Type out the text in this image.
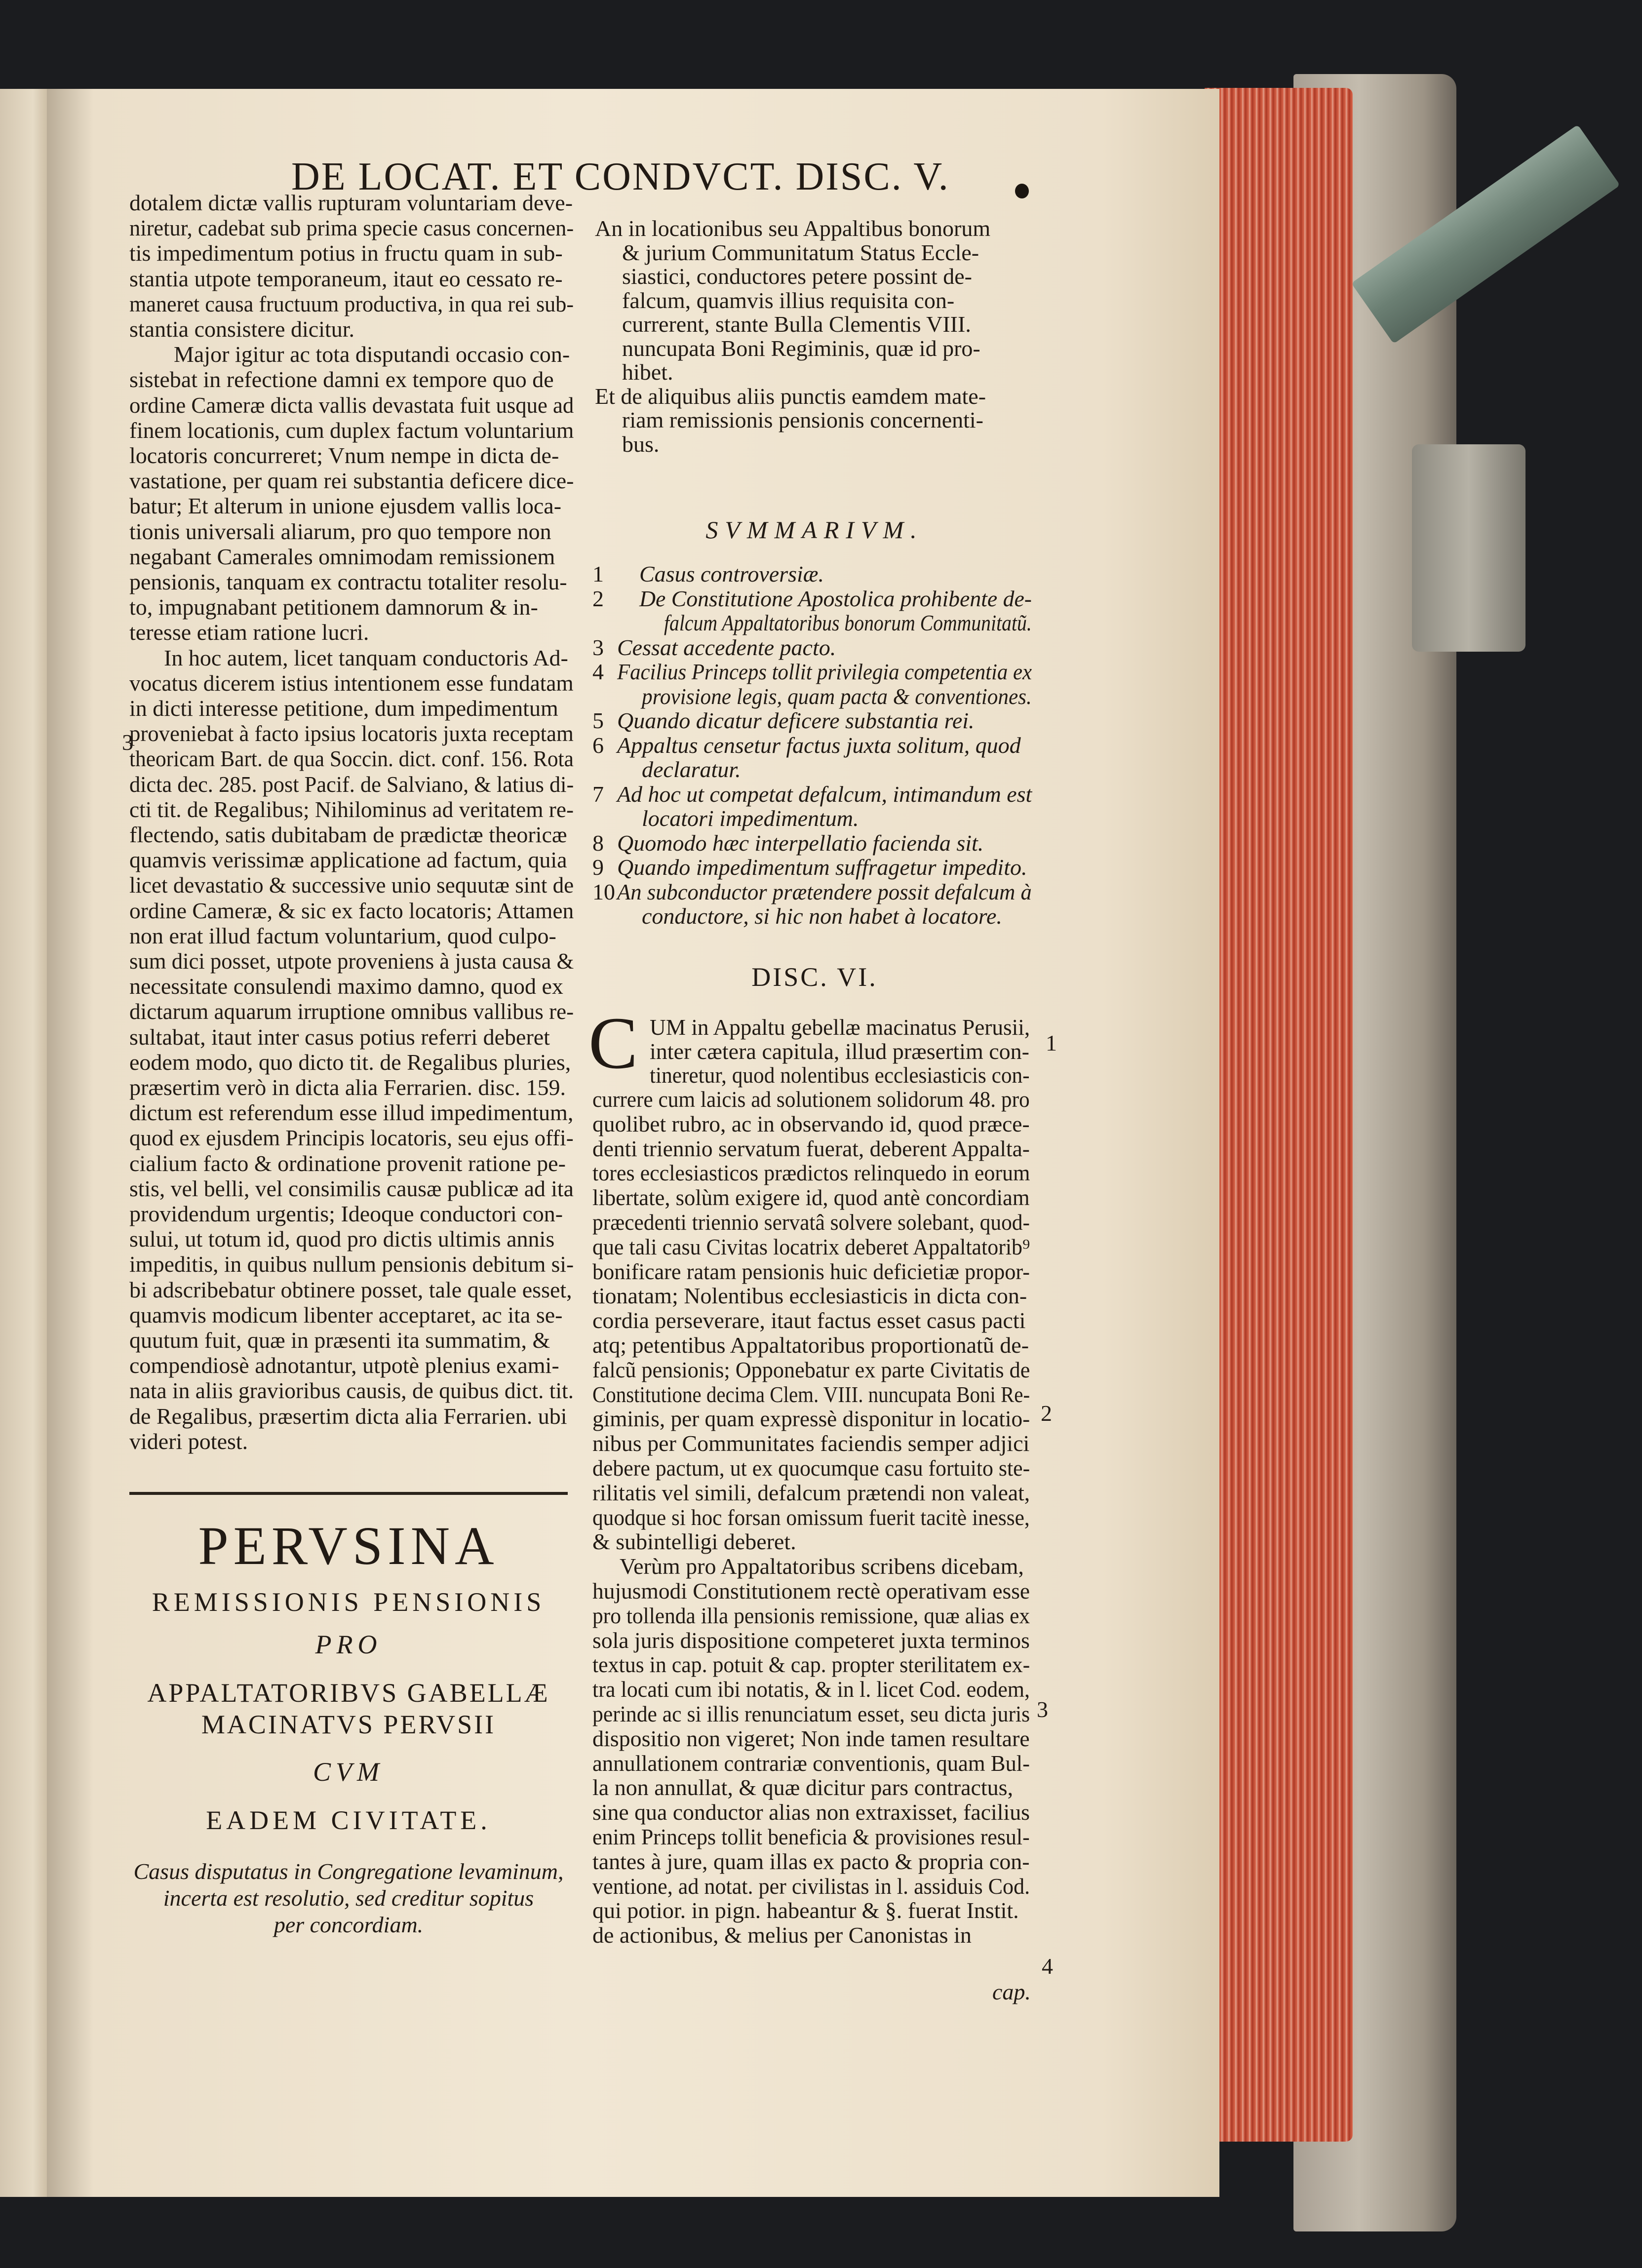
DE LOCAT. ET CONDVCT. DISC. V.
dotalem dictæ vallis rupturam voluntariam deve-
niretur, cadebat sub prima specie casus concernen-
tis impedimentum potius in fructu quam in sub-
stantia utpote temporaneum, itaut eo cessato re-
maneret causa fructuum productiva, in qua rei sub-
stantia consistere dicitur.
Major igitur ac tota disputandi occasio con-
sistebat in refectione damni ex tempore quo de
ordine Cameræ dicta vallis devastata fuit usque ad
finem locationis, cum duplex factum voluntarium
locatoris concurreret; Vnum nempe in dicta de-
vastatione, per quam rei substantia deficere dice-
batur; Et alterum in unione ejusdem vallis loca-
tionis universali aliarum, pro quo tempore non
negabant Camerales omnimodam remissionem
pensionis, tanquam ex contractu totaliter resolu-
to, impugnabant petitionem damnorum & in-
teresse etiam ratione lucri.
In hoc autem, licet tanquam conductoris Ad-
vocatus dicerem istius intentionem esse fundatam
in dicti interesse petitione, dum impedimentum
proveniebat à facto ipsius locatoris juxta receptam
theoricam Bart. de qua Soccin. dict. conf. 156. Rota
dicta dec. 285. post Pacif. de Salviano, & latius di-
cti tit. de Regalibus; Nihilominus ad veritatem re-
flectendo, satis dubitabam de prædictæ theoricæ
quamvis verissimæ applicatione ad factum, quia
licet devastatio & successive unio sequutæ sint de
ordine Cameræ, & sic ex facto locatoris; Attamen
non erat illud factum voluntarium, quod culpo-
sum dici posset, utpote proveniens à justa causa &
necessitate consulendi maximo damno, quod ex
dictarum aquarum irruptione omnibus vallibus re-
sultabat, itaut inter casus potius referri deberet
eodem modo, quo dicto tit. de Regalibus pluries,
præsertim verò in dicta alia Ferrarien. disc. 159.
dictum est referendum esse illud impedimentum,
quod ex ejusdem Principis locatoris, seu ejus offi-
cialium facto & ordinatione provenit ratione pe-
stis, vel belli, vel consimilis causæ publicæ ad ita
providendum urgentis; Ideoque conductori con-
sului, ut totum id, quod pro dictis ultimis annis
impeditis, in quibus nullum pensionis debitum si-
bi adscribebatur obtinere posset, tale quale esset,
quamvis modicum libenter acceptaret, ac ita se-
quutum fuit, quæ in præsenti ita summatim, &
compendiosè adnotantur, utpotè plenius exami-
nata in aliis gravioribus causis, de quibus dict. tit.
de Regalibus, præsertim dicta alia Ferrarien. ubi
videri potest.
3
PERVSINA
REMISSIONIS PENSIONIS
PRO
APPALTATORIBVS GABELLÆ
MACINATVS PERVSII
CVM
EADEM CIVITATE.
Casus disputatus in Congregatione levaminum,
incerta est resolutio, sed creditur sopitus
per concordiam.
An in locationibus seu Appaltibus bonorum
& jurium Communitatum Status Eccle-
siastici, conductores petere possint de-
falcum, quamvis illius requisita con-
currerent, stante Bulla Clementis VIII.
nuncupata Boni Regiminis, quæ id pro-
hibet.
Et de aliquibus aliis punctis eamdem mate-
riam remissionis pensionis concernenti-
bus.
SVMMARIVM.
1 Casus controversiæ.
2 De Constitutione Apostolica prohibente de-
falcum Appaltatoribus bonorum Communitatũ.
3 Cessat accedente pacto.
4 Facilius Princeps tollit privilegia competentia ex
provisione legis, quam pacta & conventiones.
5 Quando dicatur deficere substantia rei.
6 Appaltus censetur factus juxta solitum, quod
declaratur.
7 Ad hoc ut competat defalcum, intimandum est
locatori impedimentum.
8 Quomodo hæc interpellatio facienda sit.
9 Quando impedimentum suffragetur impedito.
10 An subconductor prætendere possit defalcum à
conductore, si hic non habet à locatore.
DISC. VI.
C UM in Appaltu gebellæ macinatus Perusii,
inter cætera capitula, illud præsertim con-
tineretur, quod nolentibus ecclesiasticis con-
currere cum laicis ad solutionem solidorum 48. pro
quolibet rubro, ac in observando id, quod præce-
denti triennio servatum fuerat, deberent Appalta-
tores ecclesiasticos prædictos relinquedo in eorum
libertate, solùm exigere id, quod antè concordiam
præcedenti triennio servatâ solvere solebant, quod-
que tali casu Civitas locatrix deberet Appaltatorib⁹
bonificare ratam pensionis huic deficietiæ propor-
tionatam; Nolentibus ecclesiasticis in dicta con-
cordia perseverare, itaut factus esset casus pacti
atq; petentibus Appaltatoribus proportionatũ de-
falcũ pensionis; Opponebatur ex parte Civitatis de
Constitutione decima Clem. VIII. nuncupata Boni Re-
giminis, per quam expressè disponitur in locatio-
nibus per Communitates faciendis semper adjici
debere pactum, ut ex quocumque casu fortuito ste-
rilitatis vel simili, defalcum prætendi non valeat,
quodque si hoc forsan omissum fuerit tacitè inesse,
& subintelligi deberet.
Verùm pro Appaltatoribus scribens dicebam,
hujusmodi Constitutionem rectè operativam esse
pro tollenda illa pensionis remissione, quæ alias ex
sola juris dispositione competeret juxta terminos
textus in cap. potuit & cap. propter sterilitatem ex-
tra locati cum ibi notatis, & in l. licet Cod. eodem,
perinde ac si illis renunciatum esset, seu dicta juris
dispositio non vigeret; Non inde tamen resultare
annullationem contrariæ conventionis, quam Bul-
la non annullat, & quæ dicitur pars contractus,
sine qua conductor alias non extraxisset, facilius
enim Princeps tollit beneficia & provisiones resul-
tantes à jure, quam illas ex pacto & propria con-
ventione, ad notat. per civilistas in l. assiduis Cod.
qui potior. in pign. habeantur & §. fuerat Instit.
de actionibus, & melius per Canonistas in
cap.
1
2
3
4
